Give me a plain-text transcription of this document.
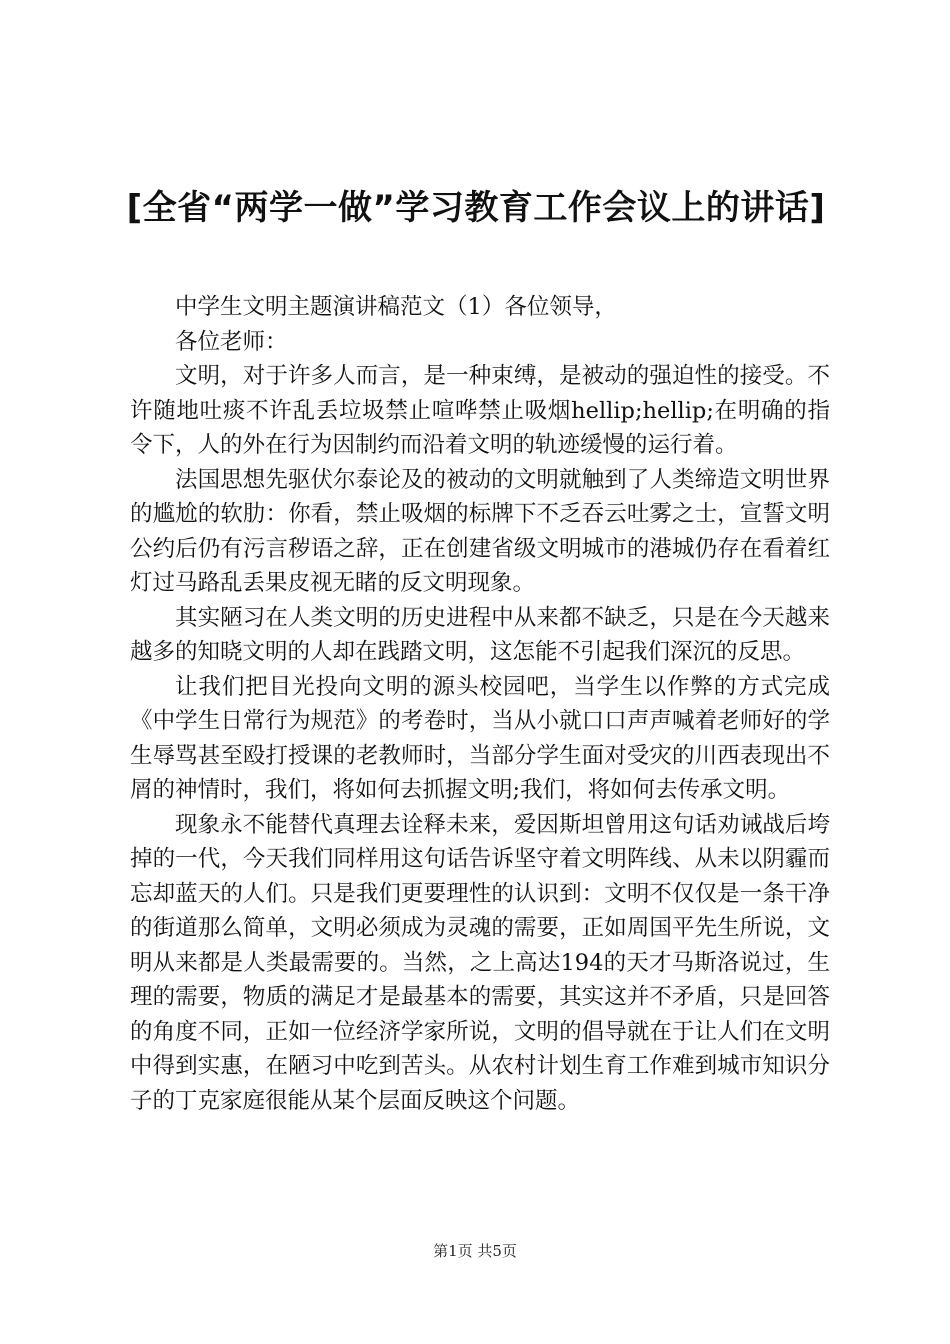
[全省“两学一做”学习教育工作会议上的讲话]

中学生文明主题演讲稿范文（1）各位领导，

各位老师：

文明，对于许多人而言，是一种束缚，是被动的强迫性的接受。不许随地吐痰不许乱丢垃圾禁止喧哗禁止吸烟hellip;hellip;在明确的指令下，人的外在行为因制约而沿着文明的轨迹缓慢的运行着。

法国思想先驱伏尔泰论及的被动的文明就触到了人类缔造文明世界的尴尬的软肋：你看，禁止吸烟的标牌下不乏吞云吐雾之士，宣誓文明公约后仍有污言秽语之辞，正在创建省级文明城市的港城仍存在看着红灯过马路乱丢果皮视无睹的反文明现象。

其实陋习在人类文明的历史进程中从来都不缺乏，只是在今天越来越多的知晓文明的人却在践踏文明，这怎能不引起我们深沉的反思。

让我们把目光投向文明的源头校园吧，当学生以作弊的方式完成《中学生日常行为规范》的考卷时，当从小就口口声声喊着老师好的学生辱骂甚至殴打授课的老教师时，当部分学生面对受灾的川西表现出不屑的神情时，我们，将如何去抓握文明;我们，将如何去传承文明。

现象永不能替代真理去诠释未来，爱因斯坦曾用这句话劝诫战后垮掉的一代，今天我们同样用这句话告诉坚守着文明阵线、从未以阴霾而忘却蓝天的人们。只是我们更要理性的认识到：文明不仅仅是一条干净的街道那么简单，文明必须成为灵魂的需要，正如周国平先生所说，文明从来都是人类最需要的。当然，之上高达194的天才马斯洛说过，生理的需要，物质的满足才是最基本的需要，其实这并不矛盾，只是回答的角度不同，正如一位经济学家所说，文明的倡导就在于让人们在文明中得到实惠，在陋习中吃到苦头。从农村计划生育工作难到城市知识分子的丁克家庭很能从某个层面反映这个问题。

第1页 共5页
